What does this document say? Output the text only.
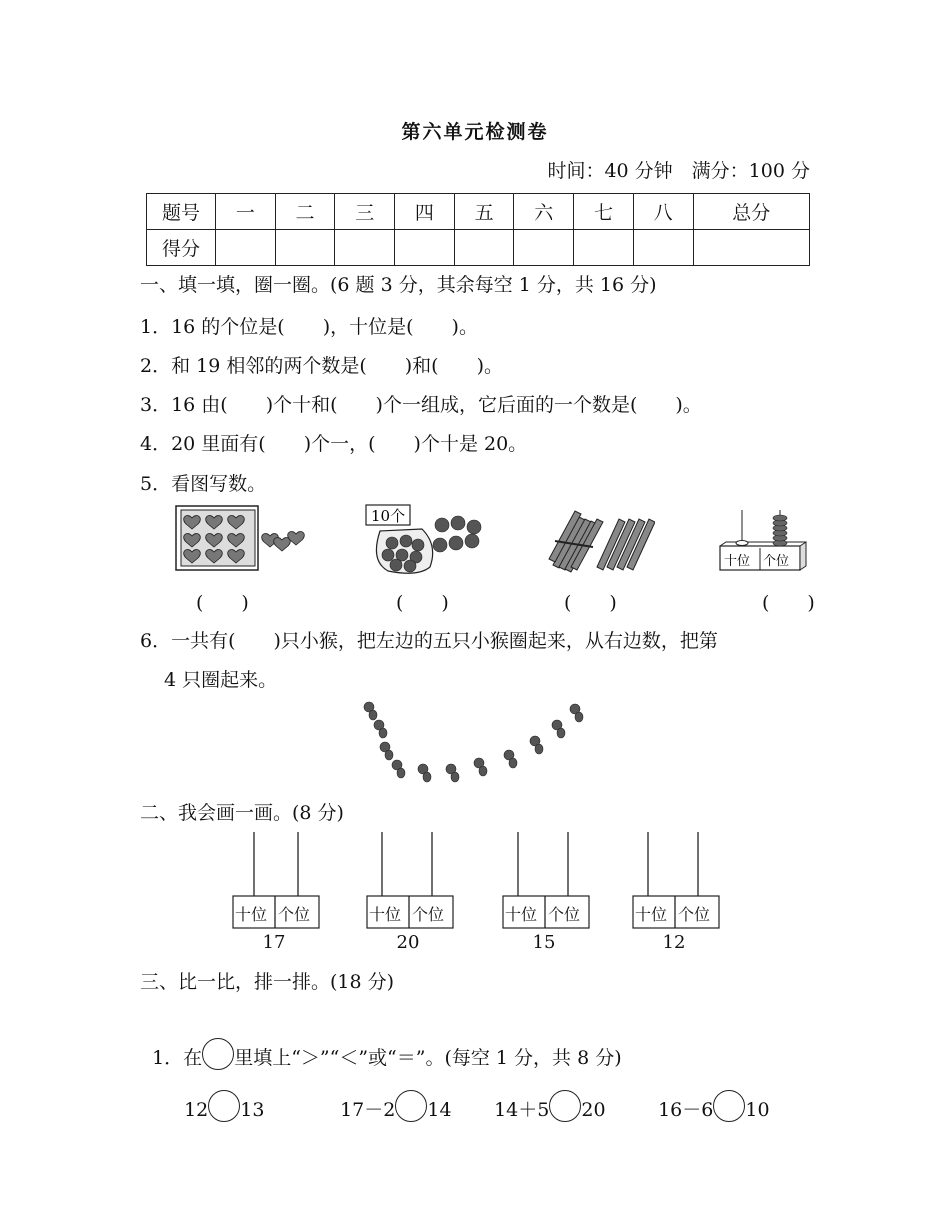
第六单元检测卷
时间：40 分钟　满分：100 分
题号	一	二	三	四	五	六	七	八	总分
得分									
一、填一填，圈一圈。(6 题 3 分，其余每空 1 分，共 16 分)
1．16 的个位是(　　)，十位是(　　)。
2．和 19 相邻的两个数是(　　)和(　　)。
3．16 由(　　)个十和(　　)个一组成，它后面的一个数是(　　)。
4．20 里面有(　　)个一，(　　)个十是 20。
5．看图写数。
10个
十位 个位
(　　)	(　　)	(　　)	(　　)
6．一共有(　　)只小猴，把左边的五只小猴圈起来，从右边数，把第
4 只圈起来。
二、我会画一画。(8 分)
十位 个位
17
十位 个位
20
十位 个位
15
十位 个位
12
三、比一比，排一排。(18 分)

1．在 里填上“＞”“＜”或“＝”。(每空 1 分，共 8 分)

12 13	17－2 14	14＋5 20	16－6 10
